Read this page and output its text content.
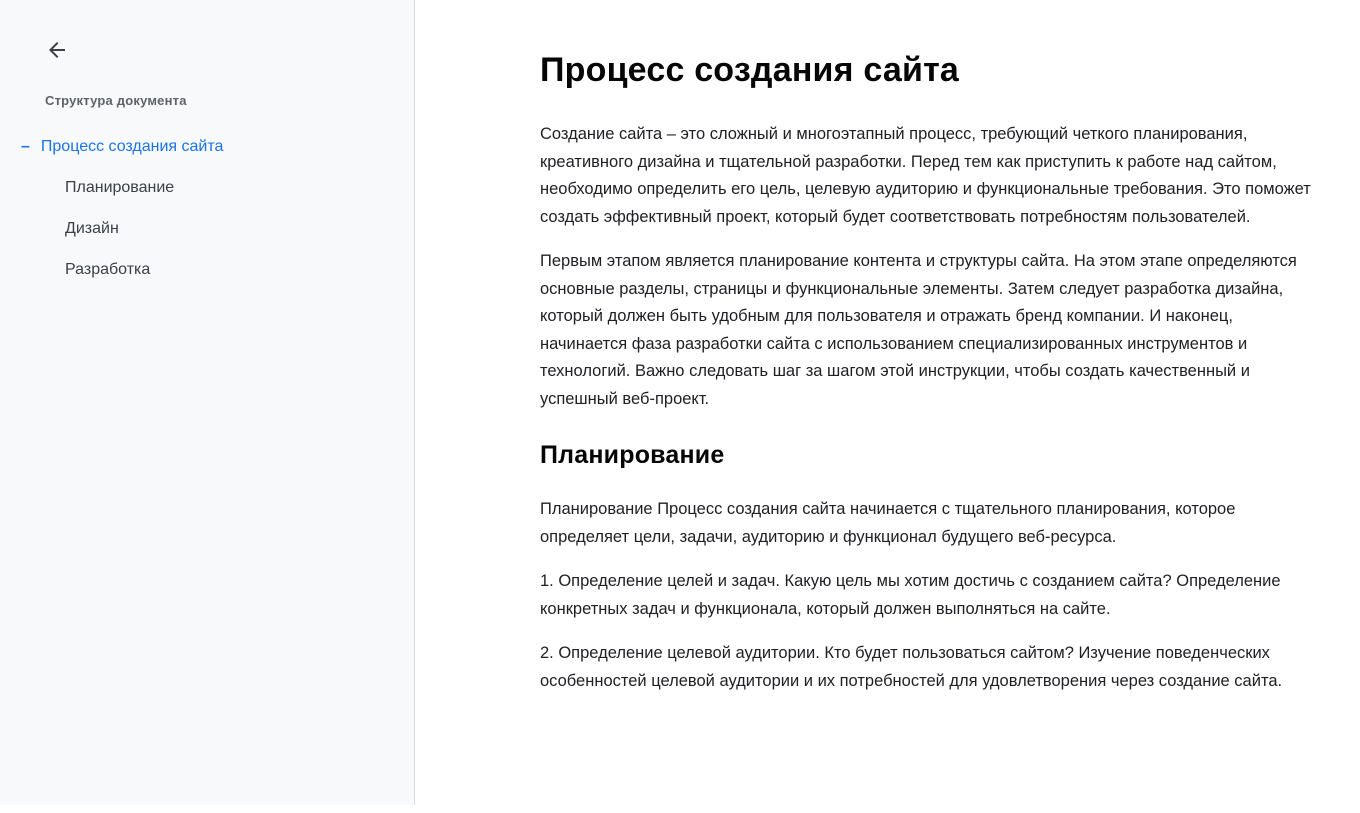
Структура документа
– Процесс создания сайта
Планирование
Дизайн
Разработка
Процесс создания сайта

Создание сайта – это сложный и многоэтапный процесс, требующий четкого планирования, креативного дизайна и тщательной разработки. Перед тем как приступить к работе над сайтом, необходимо определить его цель, целевую аудиторию и функциональные требования. Это поможет создать эффективный проект, который будет соответствовать потребностям пользователей.

Первым этапом является планирование контента и структуры сайта. На этом этапе определяются основные разделы, страницы и функциональные элементы. Затем следует разработка дизайна, который должен быть удобным для пользователя и отражать бренд компании. И наконец, начинается фаза разработки сайта с использованием специализированных инструментов и технологий. Важно следовать шаг за шагом этой инструкции, чтобы создать качественный и успешный веб-проект.

Планирование

Планирование Процесс создания сайта начинается с тщательного планирования, которое определяет цели, задачи, аудиторию и функционал будущего веб-ресурса.

1. Определение целей и задач. Какую цель мы хотим достичь с созданием сайта? Определение конкретных задач и функционала, который должен выполняться на сайте.

2. Определение целевой аудитории. Кто будет пользоваться сайтом? Изучение поведенческих особенностей целевой аудитории и их потребностей для удовлетворения через создание сайта.
